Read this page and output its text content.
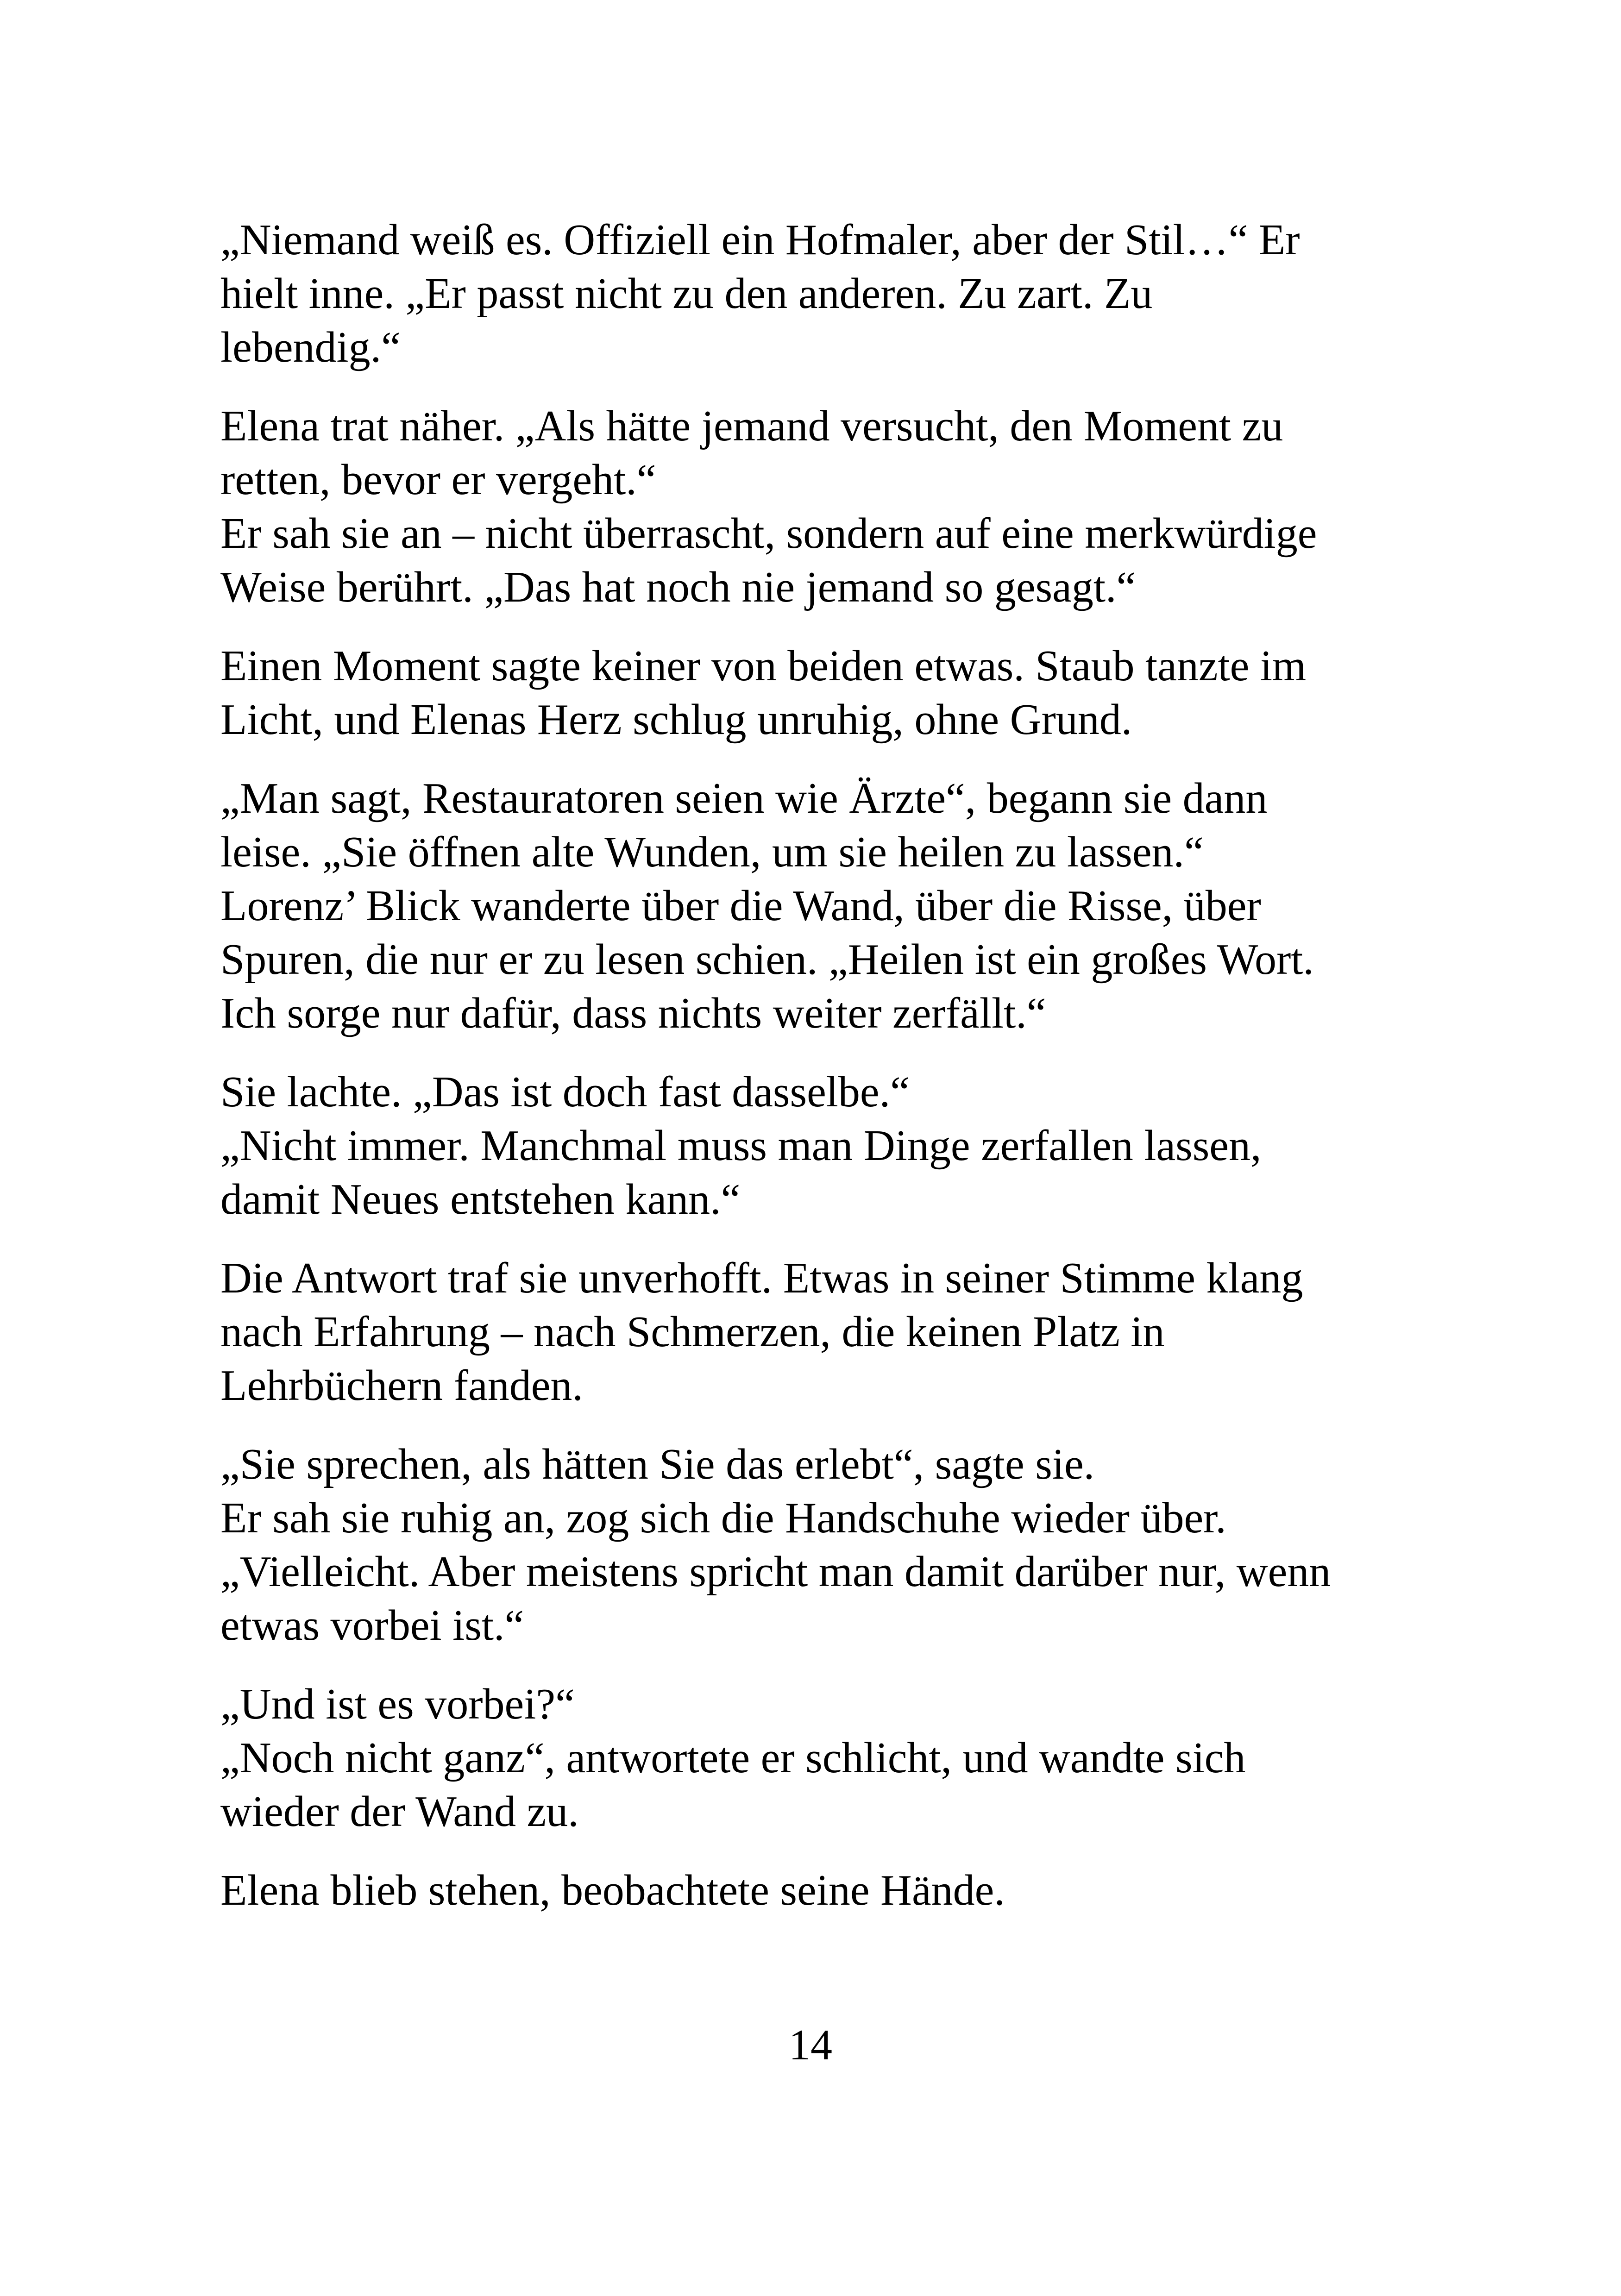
„Niemand weiß es. Offiziell ein Hofmaler, aber der Stil…“ Er
hielt inne. „Er passt nicht zu den anderen. Zu zart. Zu
lebendig.“

Elena trat näher. „Als hätte jemand versucht, den Moment zu
retten, bevor er vergeht.“
Er sah sie an – nicht überrascht, sondern auf eine merkwürdige
Weise berührt. „Das hat noch nie jemand so gesagt.“

Einen Moment sagte keiner von beiden etwas. Staub tanzte im
Licht, und Elenas Herz schlug unruhig, ohne Grund.

„Man sagt, Restauratoren seien wie Ärzte“, begann sie dann
leise. „Sie öffnen alte Wunden, um sie heilen zu lassen.“
Lorenz’ Blick wanderte über die Wand, über die Risse, über
Spuren, die nur er zu lesen schien. „Heilen ist ein großes Wort.
Ich sorge nur dafür, dass nichts weiter zerfällt.“

Sie lachte. „Das ist doch fast dasselbe.“
„Nicht immer. Manchmal muss man Dinge zerfallen lassen,
damit Neues entstehen kann.“

Die Antwort traf sie unverhofft. Etwas in seiner Stimme klang
nach Erfahrung – nach Schmerzen, die keinen Platz in
Lehrbüchern fanden.

„Sie sprechen, als hätten Sie das erlebt“, sagte sie.
Er sah sie ruhig an, zog sich die Handschuhe wieder über.
„Vielleicht. Aber meistens spricht man damit darüber nur, wenn
etwas vorbei ist.“

„Und ist es vorbei?“
„Noch nicht ganz“, antwortete er schlicht, und wandte sich
wieder der Wand zu.

Elena blieb stehen, beobachtete seine Hände.

14
